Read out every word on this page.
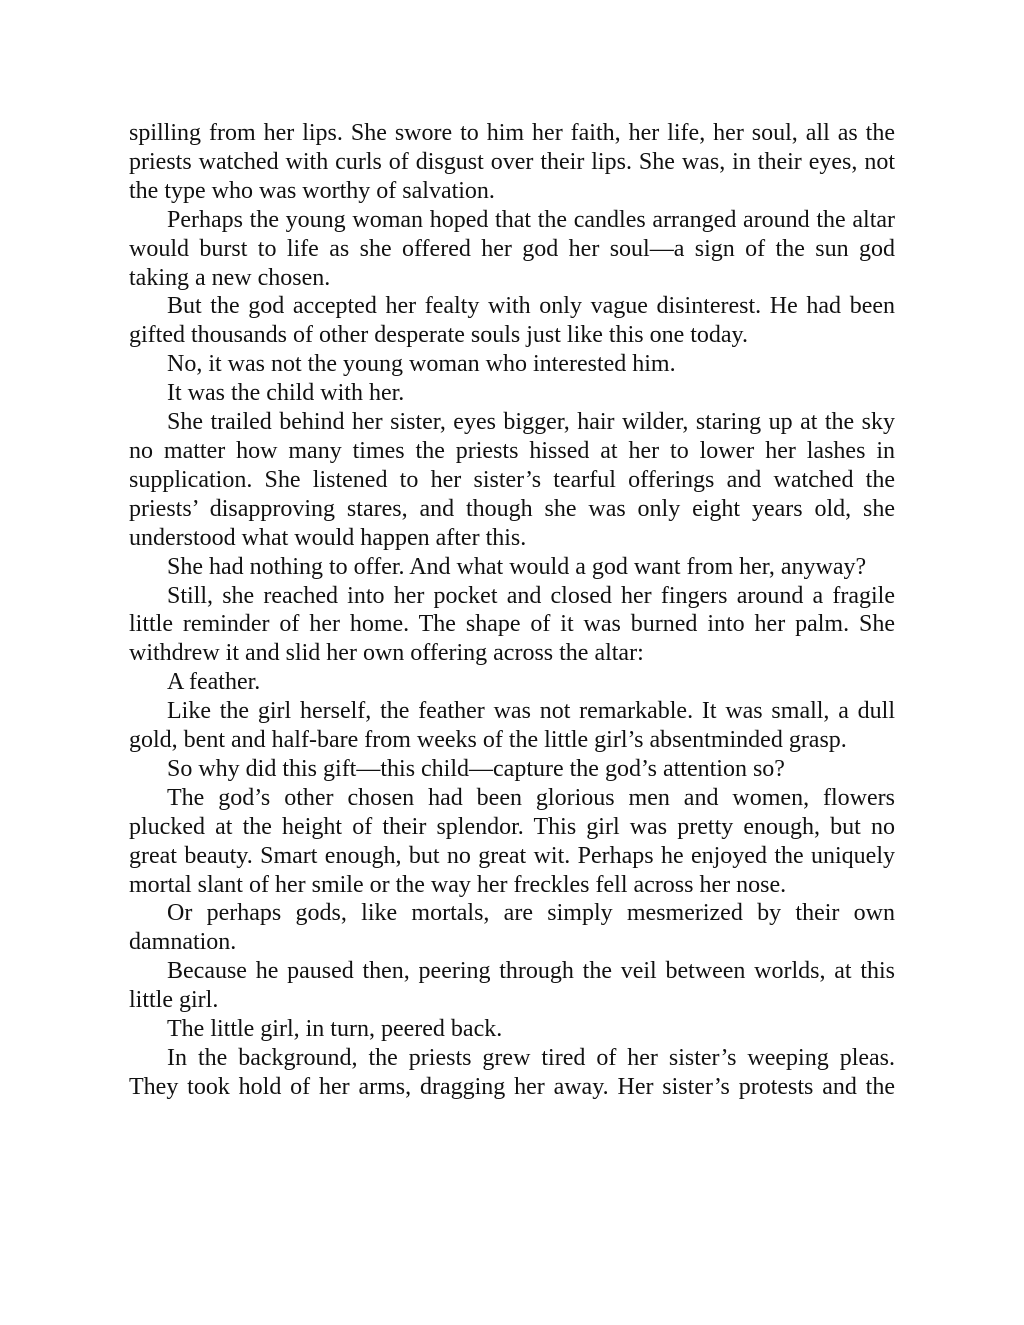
spilling from her lips. She swore to him her faith, her life, her soul, all as the priests watched with curls of disgust over their lips. She was, in their eyes, not the type who was worthy of salvation.

Perhaps the young woman hoped that the candles arranged around the altar would burst to life as she offered her god her soul—a sign of the sun god taking a new chosen.

But the god accepted her fealty with only vague disinterest. He had been gifted thousands of other desperate souls just like this one today.

No, it was not the young woman who interested him.

It was the child with her.

She trailed behind her sister, eyes bigger, hair wilder, staring up at the sky no matter how many times the priests hissed at her to lower her lashes in supplication. She listened to her sister’s tearful offerings and watched the priests’ disapproving stares, and though she was only eight years old, she understood what would happen after this.

She had nothing to offer. And what would a god want from her, anyway?

Still, she reached into her pocket and closed her fingers around a fragile little reminder of her home. The shape of it was burned into her palm. She withdrew it and slid her own offering across the altar:

A feather.

Like the girl herself, the feather was not remarkable. It was small, a dull gold, bent and half-bare from weeks of the little girl’s absentminded grasp.

So why did this gift—this child—capture the god’s attention so?

The god’s other chosen had been glorious men and women, flowers plucked at the height of their splendor. This girl was pretty enough, but no great beauty. Smart enough, but no great wit. Perhaps he enjoyed the uniquely mortal slant of her smile or the way her freckles fell across her nose.

Or perhaps gods, like mortals, are simply mesmerized by their own damnation.

Because he paused then, peering through the veil between worlds, at this little girl.

The little girl, in turn, peered back.

In the background, the priests grew tired of her sister’s weeping pleas. They took hold of her arms, dragging her away. Her sister’s protests and the
